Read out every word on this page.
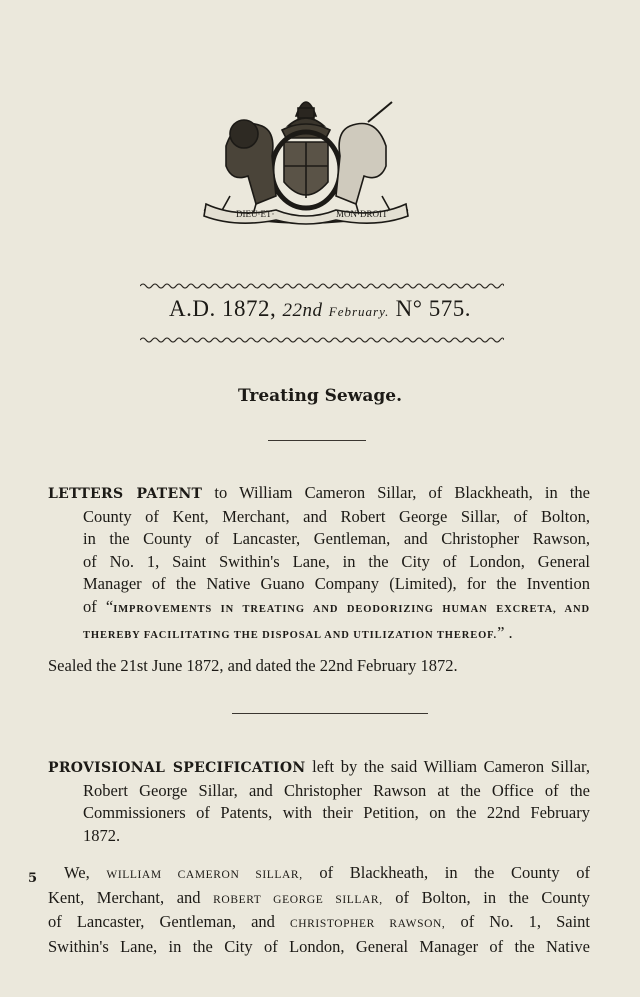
DIEU·ET·	MON·DROIT
A.D. 1872, 22nd February. N° 575.
Treating Sewage.
LETTERS PATENT to William Cameron Sillar, of Blackheath, in the
County of Kent, Merchant, and Robert George Sillar, of Bolton,
in the County of Lancaster, Gentleman, and Christopher Rawson,
of No. 1, Saint Swithin's Lane, in the City of London, General
Manager of the Native Guano Company (Limited), for the Invention
of “IMPROVEMENTS IN TREATING AND DEODORIZING HUMAN EXCRETA, AND
THEREBY FACILITATING THE DISPOSAL AND UTILIZATION THEREOF.” .
Sealed the 21st June 1872, and dated the 22nd February 1872.
PROVISIONAL SPECIFICATION left by the said William Cameron Sillar,
Robert George Sillar, and Christopher Rawson at the Office of the
Commissioners of Patents, with their Petition, on the 22nd February
1872.
5	We, WILLIAM CAMERON SILLAR, of Blackheath, in the County of
Kent, Merchant, and ROBERT GEORGE SILLAR, of Bolton, in the County
of Lancaster, Gentleman, and CHRISTOPHER RAWSON, of No. 1, Saint
Swithin's Lane, in the City of London, General Manager of the Native
